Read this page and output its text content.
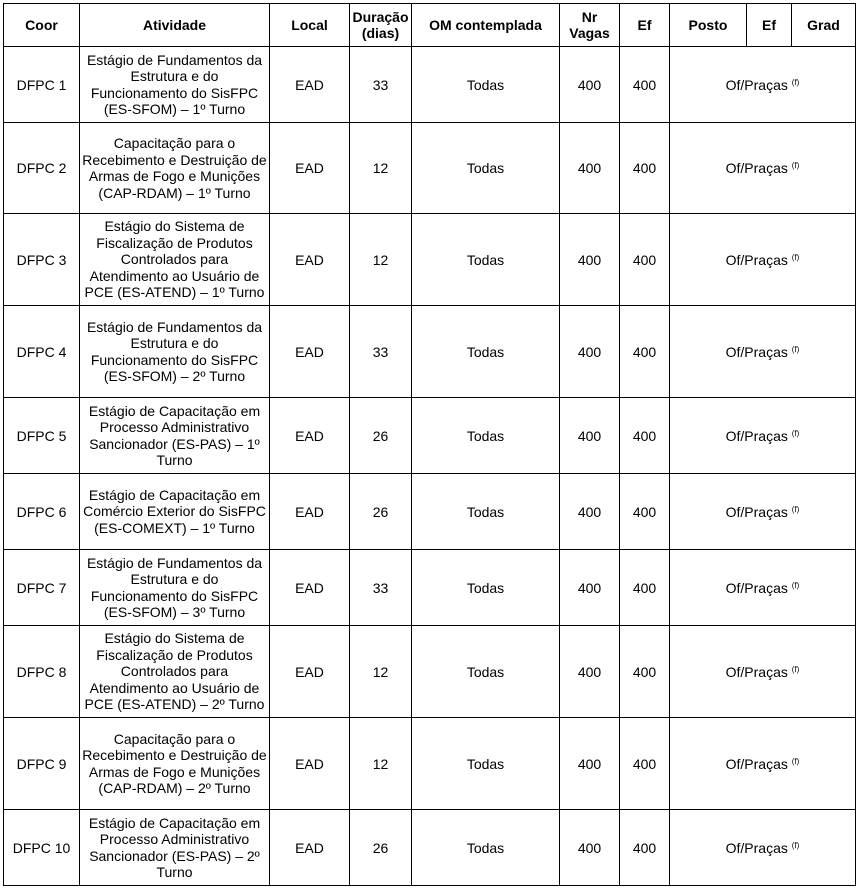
Coor	Atividade	Local	Duração (dias)	OM contemplada	Nr Vagas	Ef	Posto	Ef	Grad
DFPC 1	Estágio de Fundamentos da Estrutura e do Funcionamento do SisFPC (ES-SFOM) – 1º Turno	EAD	33	Todas	400	400	Of/Praças $^{(f)}$
DFPC 2	Capacitação para o Recebimento e Destruição de Armas de Fogo e Munições (CAP-RDAM) – 1º Turno	EAD	12	Todas	400	400	Of/Praças $^{(f)}$
DFPC 3	Estágio do Sistema de Fiscalização de Produtos Controlados para Atendimento ao Usuário de PCE (ES-ATEND) – 1º Turno	EAD	12	Todas	400	400	Of/Praças $^{(f)}$
DFPC 4	Estágio de Fundamentos da Estrutura e do Funcionamento do SisFPC (ES-SFOM) – 2º Turno	EAD	33	Todas	400	400	Of/Praças $^{(f)}$
DFPC 5	Estágio de Capacitação em Processo Administrativo Sancionador (ES-PAS) – 1º Turno	EAD	26	Todas	400	400	Of/Praças $^{(f)}$
DFPC 6	Estágio de Capacitação em Comércio Exterior do SisFPC (ES-COMEXT) – 1º Turno	EAD	26	Todas	400	400	Of/Praças $^{(f)}$
DFPC 7	Estágio de Fundamentos da Estrutura e do Funcionamento do SisFPC (ES-SFOM) – 3º Turno	EAD	33	Todas	400	400	Of/Praças $^{(f)}$
DFPC 8	Estágio do Sistema de Fiscalização de Produtos Controlados para Atendimento ao Usuário de PCE (ES-ATEND) – 2º Turno	EAD	12	Todas	400	400	Of/Praças $^{(f)}$
DFPC 9	Capacitação para o Recebimento e Destruição de Armas de Fogo e Munições (CAP-RDAM) – 2º Turno	EAD	12	Todas	400	400	Of/Praças $^{(f)}$
DFPC 10	Estágio de Capacitação em Processo Administrativo Sancionador (ES-PAS) – 2º Turno	EAD	26	Todas	400	400	Of/Praças $^{(f)}$
